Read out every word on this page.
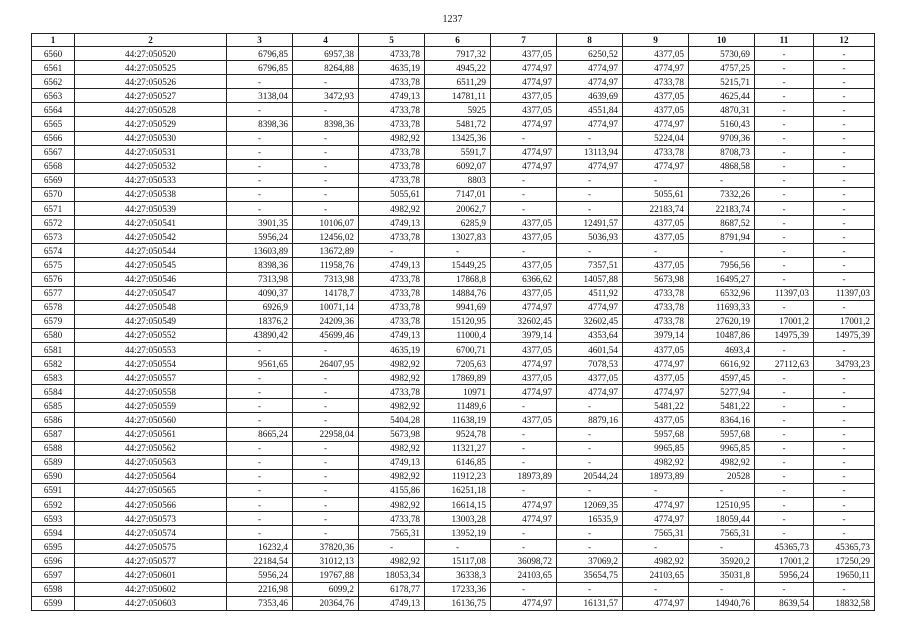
1237
1	2	3	4	5	6	7	8	9	10	11	12
6560	44:27:050520	6796,85	6957,38	4733,78	7917,32	4377,05	6250,52	4377,05	5730,69	-	-
6561	44:27:050525	6796,85	8264,88	4635,19	4945,22	4774,97	4774,97	4774,97	4757,25	-	-
6562	44:27:050526	-	-	4733,78	6511,29	4774,97	4774,97	4733,78	5215,71	-	-
6563	44:27:050527	3138,04	3472,93	4749,13	14781,11	4377,05	4639,69	4377,05	4625,44	-	-
6564	44:27:050528	-	-	4733,78	5925	4377,05	4551,84	4377,05	4870,31	-	-
6565	44:27:050529	8398,36	8398,36	4733,78	5481,72	4774,97	4774,97	4774,97	5160,43	-	-
6566	44:27:050530	-	-	4982,92	13425,36	-	-	5224,04	9709,36	-	-
6567	44:27:050531	-	-	4733,78	5591,7	4774,97	13113,94	4733,78	8708,73	-	-
6568	44:27:050532	-	-	4733,78	6092,07	4774,97	4774,97	4774,97	4868,58	-	-
6569	44:27:050533	-	-	4733,78	8803	-	-	-	-	-	-
6570	44:27:050538	-	-	5055,61	7147,01	-	-	5055,61	7332,26	-	-
6571	44:27:050539	-	-	4982,92	20062,7	-	-	22183,74	22183,74	-	-
6572	44:27:050541	3901,35	10106,07	4749,13	6285,9	4377,05	12491,57	4377,05	8687,52	-	-
6573	44:27:050542	5956,24	12456,02	4733,78	13027,83	4377,05	5036,93	4377,05	8791,94	-	-
6574	44:27:050544	13603,89	13672,89	-	-	-	-	-	-	-	-
6575	44:27:050545	8398,36	11958,76	4749,13	15449,25	4377,05	7357,51	4377,05	7956,56	-	-
6576	44:27:050546	7313,98	7313,98	4733,78	17868,8	6366,62	14057,88	5673,98	16495,27	-	-
6577	44:27:050547	4090,37	14178,7	4733,78	14884,76	4377,05	4511,92	4733,78	6532,96	11397,03	11397,03
6578	44:27:050548	6926,9	10071,14	4733,78	9941,69	4774,97	4774,97	4733,78	11693,33	-	-
6579	44:27:050549	18376,2	24209,36	4733,78	15120,95	32602,45	32602,45	4733,78	27620,19	17001,2	17001,2
6580	44:27:050552	43890,42	45699,46	4749,13	11000,4	3979,14	4353,64	3979,14	10487,86	14975,39	14975,39
6581	44:27:050553	-	-	4635,19	6700,71	4377,05	4601,54	4377,05	4693,4	-	-
6582	44:27:050554	9561,65	26407,95	4982,92	7205,63	4774,97	7078,53	4774,97	6616,92	27112,63	34793,23
6583	44:27:050557	-	-	4982,92	17869,89	4377,05	4377,05	4377,05	4597,45	-	-
6584	44:27:050558	-	-	4733,78	10971	4774,97	4774,97	4774,97	5277,94	-	-
6585	44:27:050559	-	-	4982,92	11489,6	-	-	5481,22	5481,22	-	-
6586	44:27:050560	-	-	5404,28	11638,19	4377,05	8879,16	4377,05	8364,16	-	-
6587	44:27:050561	8665,24	22958,04	5673,98	9524,78	-	-	5957,68	5957,68	-	-
6588	44:27:050562	-	-	4982,92	11321,27	-	-	9965,85	9965,85	-	-
6589	44:27:050563	-	-	4749,13	6146,85	-	-	4982,92	4982,92	-	-
6590	44:27:050564	-	-	4982,92	11912,23	18973,89	20544,24	18973,89	20528	-	-
6591	44:27:050565	-	-	4155,86	16251,18	-	-	-	-	-	-
6592	44:27:050566	-	-	4982,92	16614,15	4774,97	12069,35	4774,97	12510,95	-	-
6593	44:27:050573	-	-	4733,78	13003,28	4774,97	16535,9	4774,97	18059,44	-	-
6594	44:27:050574	-	-	7565,31	13952,19	-	-	7565,31	7565,31	-	-
6595	44:27:050575	16232,4	37820,36	-	-	-	-	-	-	45365,73	45365,73
6596	44:27:050577	22184,54	31012,13	4982,92	15117,08	36098,72	37069,2	4982,92	35920,2	17001,2	17250,29
6597	44:27:050601	5956,24	19767,88	18053,34	36338,3	24103,65	35654,75	24103,65	35031,8	5956,24	19650,11
6598	44:27:050602	2216,98	6099,2	6178,77	17233,36	-	-	-	-	-	-
6599	44:27:050603	7353,46	20364,76	4749,13	16136,75	4774,97	16131,57	4774,97	14940,76	8639,54	18832,58
